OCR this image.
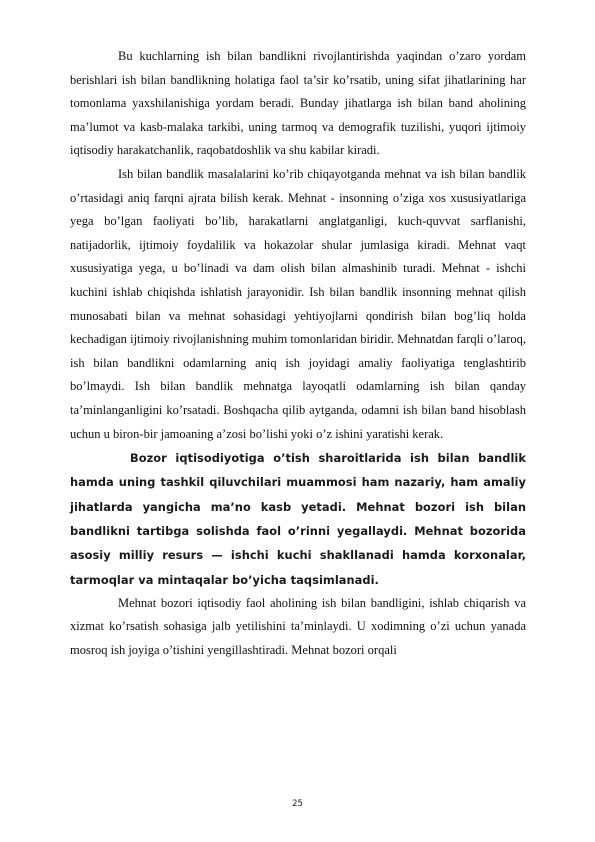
Bu kuchlarning ish bilan bandlikni rivojlantirishda yaqindan o’zaro yordam berishlari ish bilan bandlikning holatiga faol ta’sir ko’rsatib, uning sifat jihatlarining har tomonlama yaxshilanishiga yordam beradi. Bunday jihatlarga ish bilan band aholining ma’lumot va kasb-malaka tarkibi, uning tarmoq va demografik tuzilishi, yuqori ijtimoiy iqtisodiy harakatchanlik, raqobatdoshlik va shu kabilar kiradi.

Ish bilan bandlik masalalarini ko’rib chiqayotganda mehnat va ish bilan bandlik o’rtasidagi aniq farqni ajrata bilish kerak. Mehnat - insonning o’ziga xos xususiyatlariga yega bo’lgan faoliyati bo’lib, harakatlarni anglatganligi, kuch-quvvat sarflanishi, natijadorlik, ijtimoiy foydalilik va hokazolar shular jumlasiga kiradi. Mehnat vaqt xususiyatiga yega, u bo’linadi va dam olish bilan almashinib turadi. Mehnat - ishchi kuchini ishlab chiqishda ishlatish jarayonidir. Ish bilan bandlik insonning mehnat qilish munosabati bilan va mehnat sohasidagi yehtiyojlarni qondirish bilan bog’liq holda kechadigan ijtimoiy rivojlanishning muhim tomonlaridan biridir. Mehnatdan farqli o’laroq, ish bilan bandlikni odamlarning aniq ish joyidagi amaliy faoliyatiga tenglashtirib bo’lmaydi. Ish bilan bandlik mehnatga layoqatli odamlarning ish bilan qanday ta’minlanganligini ko’rsatadi. Boshqacha qilib aytganda, odamni ish bilan band hisoblash uchun u biron-bir jamoaning a’zosi bo’lishi yoki o’z ishini yaratishi kerak.

Bozor iqtisodiyotiga o’tish sharoitlarida ish bilan bandlik hamda uning tashkil qiluvchilari muammosi ham nazariy, ham amaliy jihatlarda yangicha ma’no kasb yetadi. Mehnat bozori ish bilan bandlikni tartibga solishda faol o’rinni yegallaydi. Mehnat bozorida asosiy milliy resurs — ishchi kuchi shakllanadi hamda korxonalar, tarmoqlar va mintaqalar bo’yicha taqsimlanadi.

Mehnat bozori iqtisodiy faol aholining ish bilan bandligini, ishlab chiqarish va xizmat ko’rsatish sohasiga jalb yetilishini ta’minlaydi. U xodimning o’zi uchun yanada mosroq ish joyiga o’tishini yengillashtiradi. Mehnat bozori orqali

25
